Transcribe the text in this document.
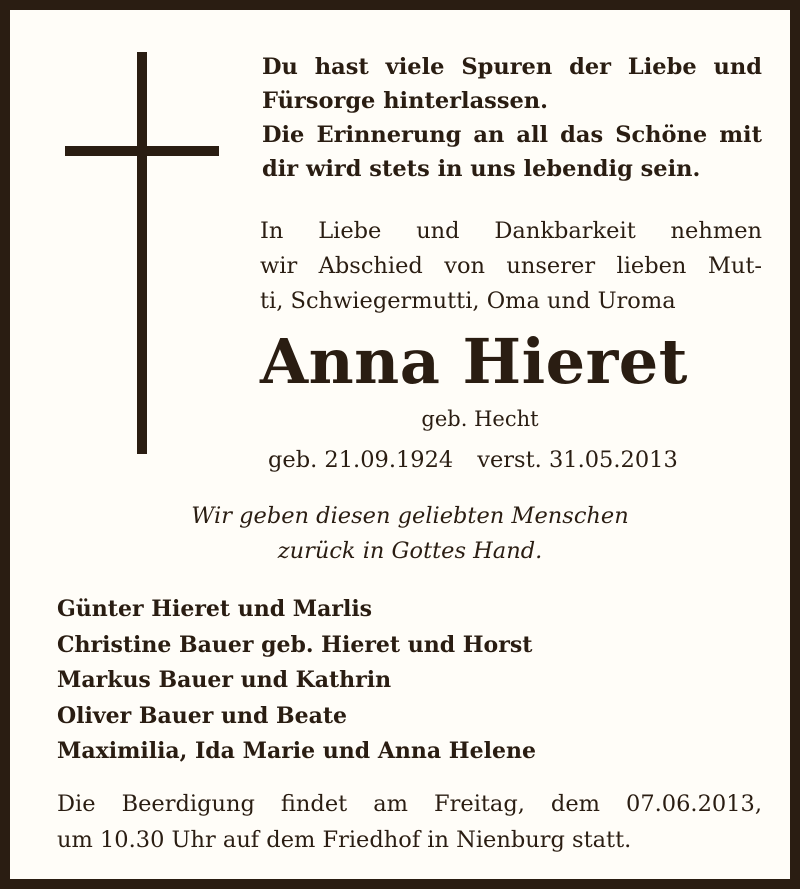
Du hast viele Spuren der Liebe und
Fürsorge hinterlassen.
Die Erinnerung an all das Schöne mit
dir wird stets in uns lebendig sein.
In Liebe und Dankbarkeit nehmen
wir Abschied von unserer lieben Mut-
ti, Schwiegermutti, Oma und Uroma
Anna Hieret
geb. Hecht
geb. 21.09.1924 verst. 31.05.2013
Wir geben diesen geliebten Menschen
zurück in Gottes Hand.
Günter Hieret und Marlis
Christine Bauer geb. Hieret und Horst
Markus Bauer und Kathrin
Oliver Bauer und Beate
Maximilia, Ida Marie und Anna Helene
Die Beerdigung findet am Freitag, dem 07.06.2013,
um 10.30 Uhr auf dem Friedhof in Nienburg statt.
